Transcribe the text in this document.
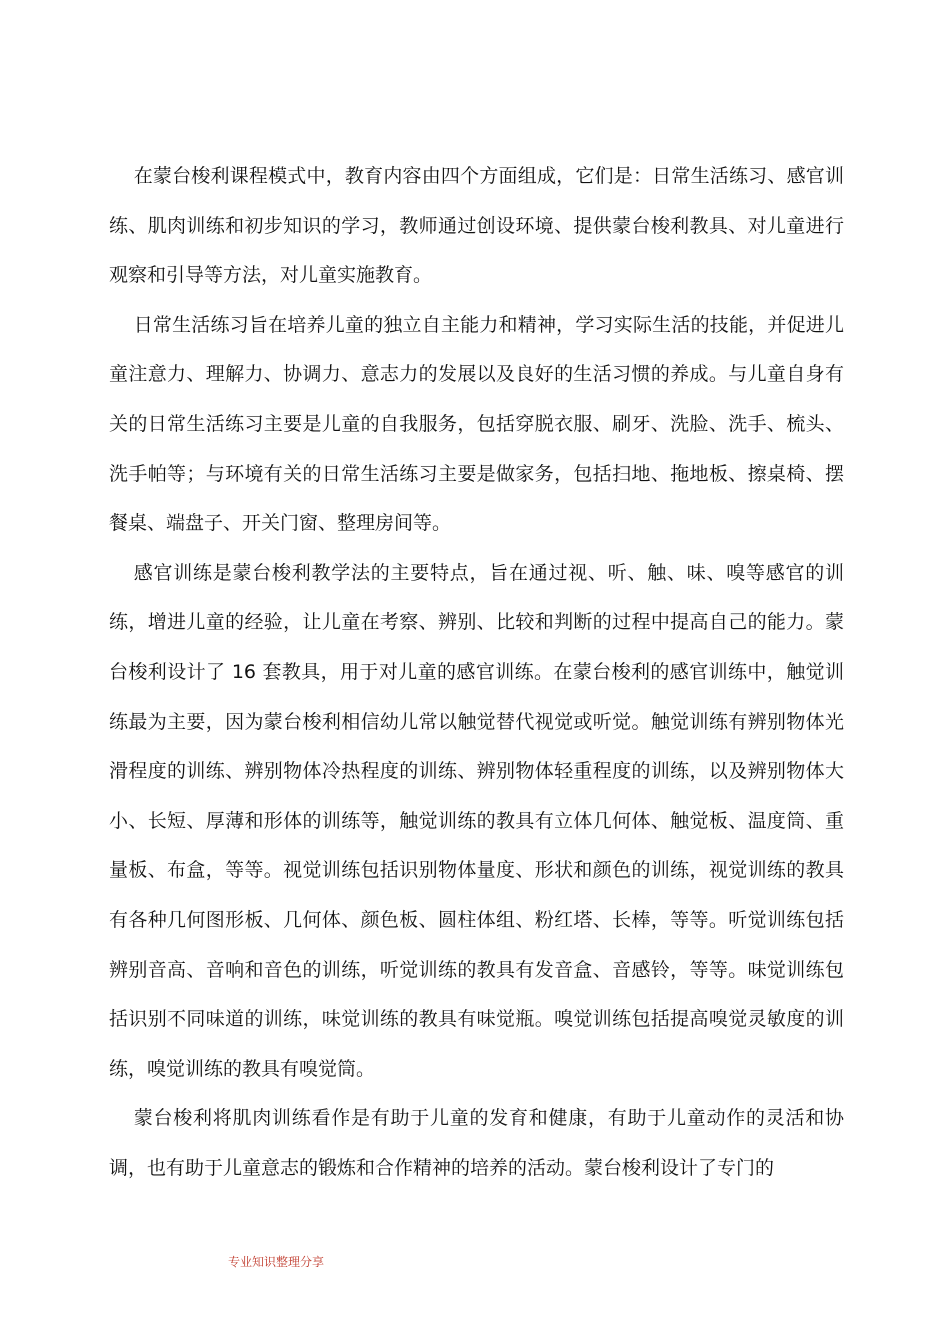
在蒙台梭利课程模式中，教育内容由四个方面组成，它们是：日常生活练习、感官训练、肌肉训练和初步知识的学习，教师通过创设环境、提供蒙台梭利教具、对儿童进行观察和引导等方法，对儿童实施教育。

日常生活练习旨在培养儿童的独立自主能力和精神，学习实际生活的技能，并促进儿童注意力、理解力、协调力、意志力的发展以及良好的生活习惯的养成。与儿童自身有关的日常生活练习主要是儿童的自我服务，包括穿脱衣服、刷牙、洗脸、洗手、梳头、洗手帕等；与环境有关的日常生活练习主要是做家务，包括扫地、拖地板、擦桌椅、摆餐桌、端盘子、开关门窗、整理房间等。

感官训练是蒙台梭利教学法的主要特点，旨在通过视、听、触、味、嗅等感官的训练，增进儿童的经验，让儿童在考察、辨别、比较和判断的过程中提高自己的能力。蒙台梭利设计了 16 套教具，用于对儿童的感官训练。在蒙台梭利的感官训练中，触觉训练最为主要，因为蒙台梭利相信幼儿常以触觉替代视觉或听觉。触觉训练有辨别物体光滑程度的训练、辨别物体冷热程度的训练、辨别物体轻重程度的训练，以及辨别物体大小、长短、厚薄和形体的训练等，触觉训练的教具有立体几何体、触觉板、温度筒、重量板、布盒，等等。视觉训练包括识别物体量度、形状和颜色的训练，视觉训练的教具有各种几何图形板、几何体、颜色板、圆柱体组、粉红塔、长棒，等等。听觉训练包括辨别音高、音响和音色的训练，听觉训练的教具有发音盒、音感铃，等等。味觉训练包括识别不同味道的训练，味觉训练的教具有味觉瓶。嗅觉训练包括提高嗅觉灵敏度的训练，嗅觉训练的教具有嗅觉筒。

蒙台梭利将肌肉训练看作是有助于儿童的发育和健康，有助于儿童动作的灵活和协调，也有助于儿童意志的锻炼和合作精神的培养的活动。蒙台梭利设计了专门的

专业知识整理分享
